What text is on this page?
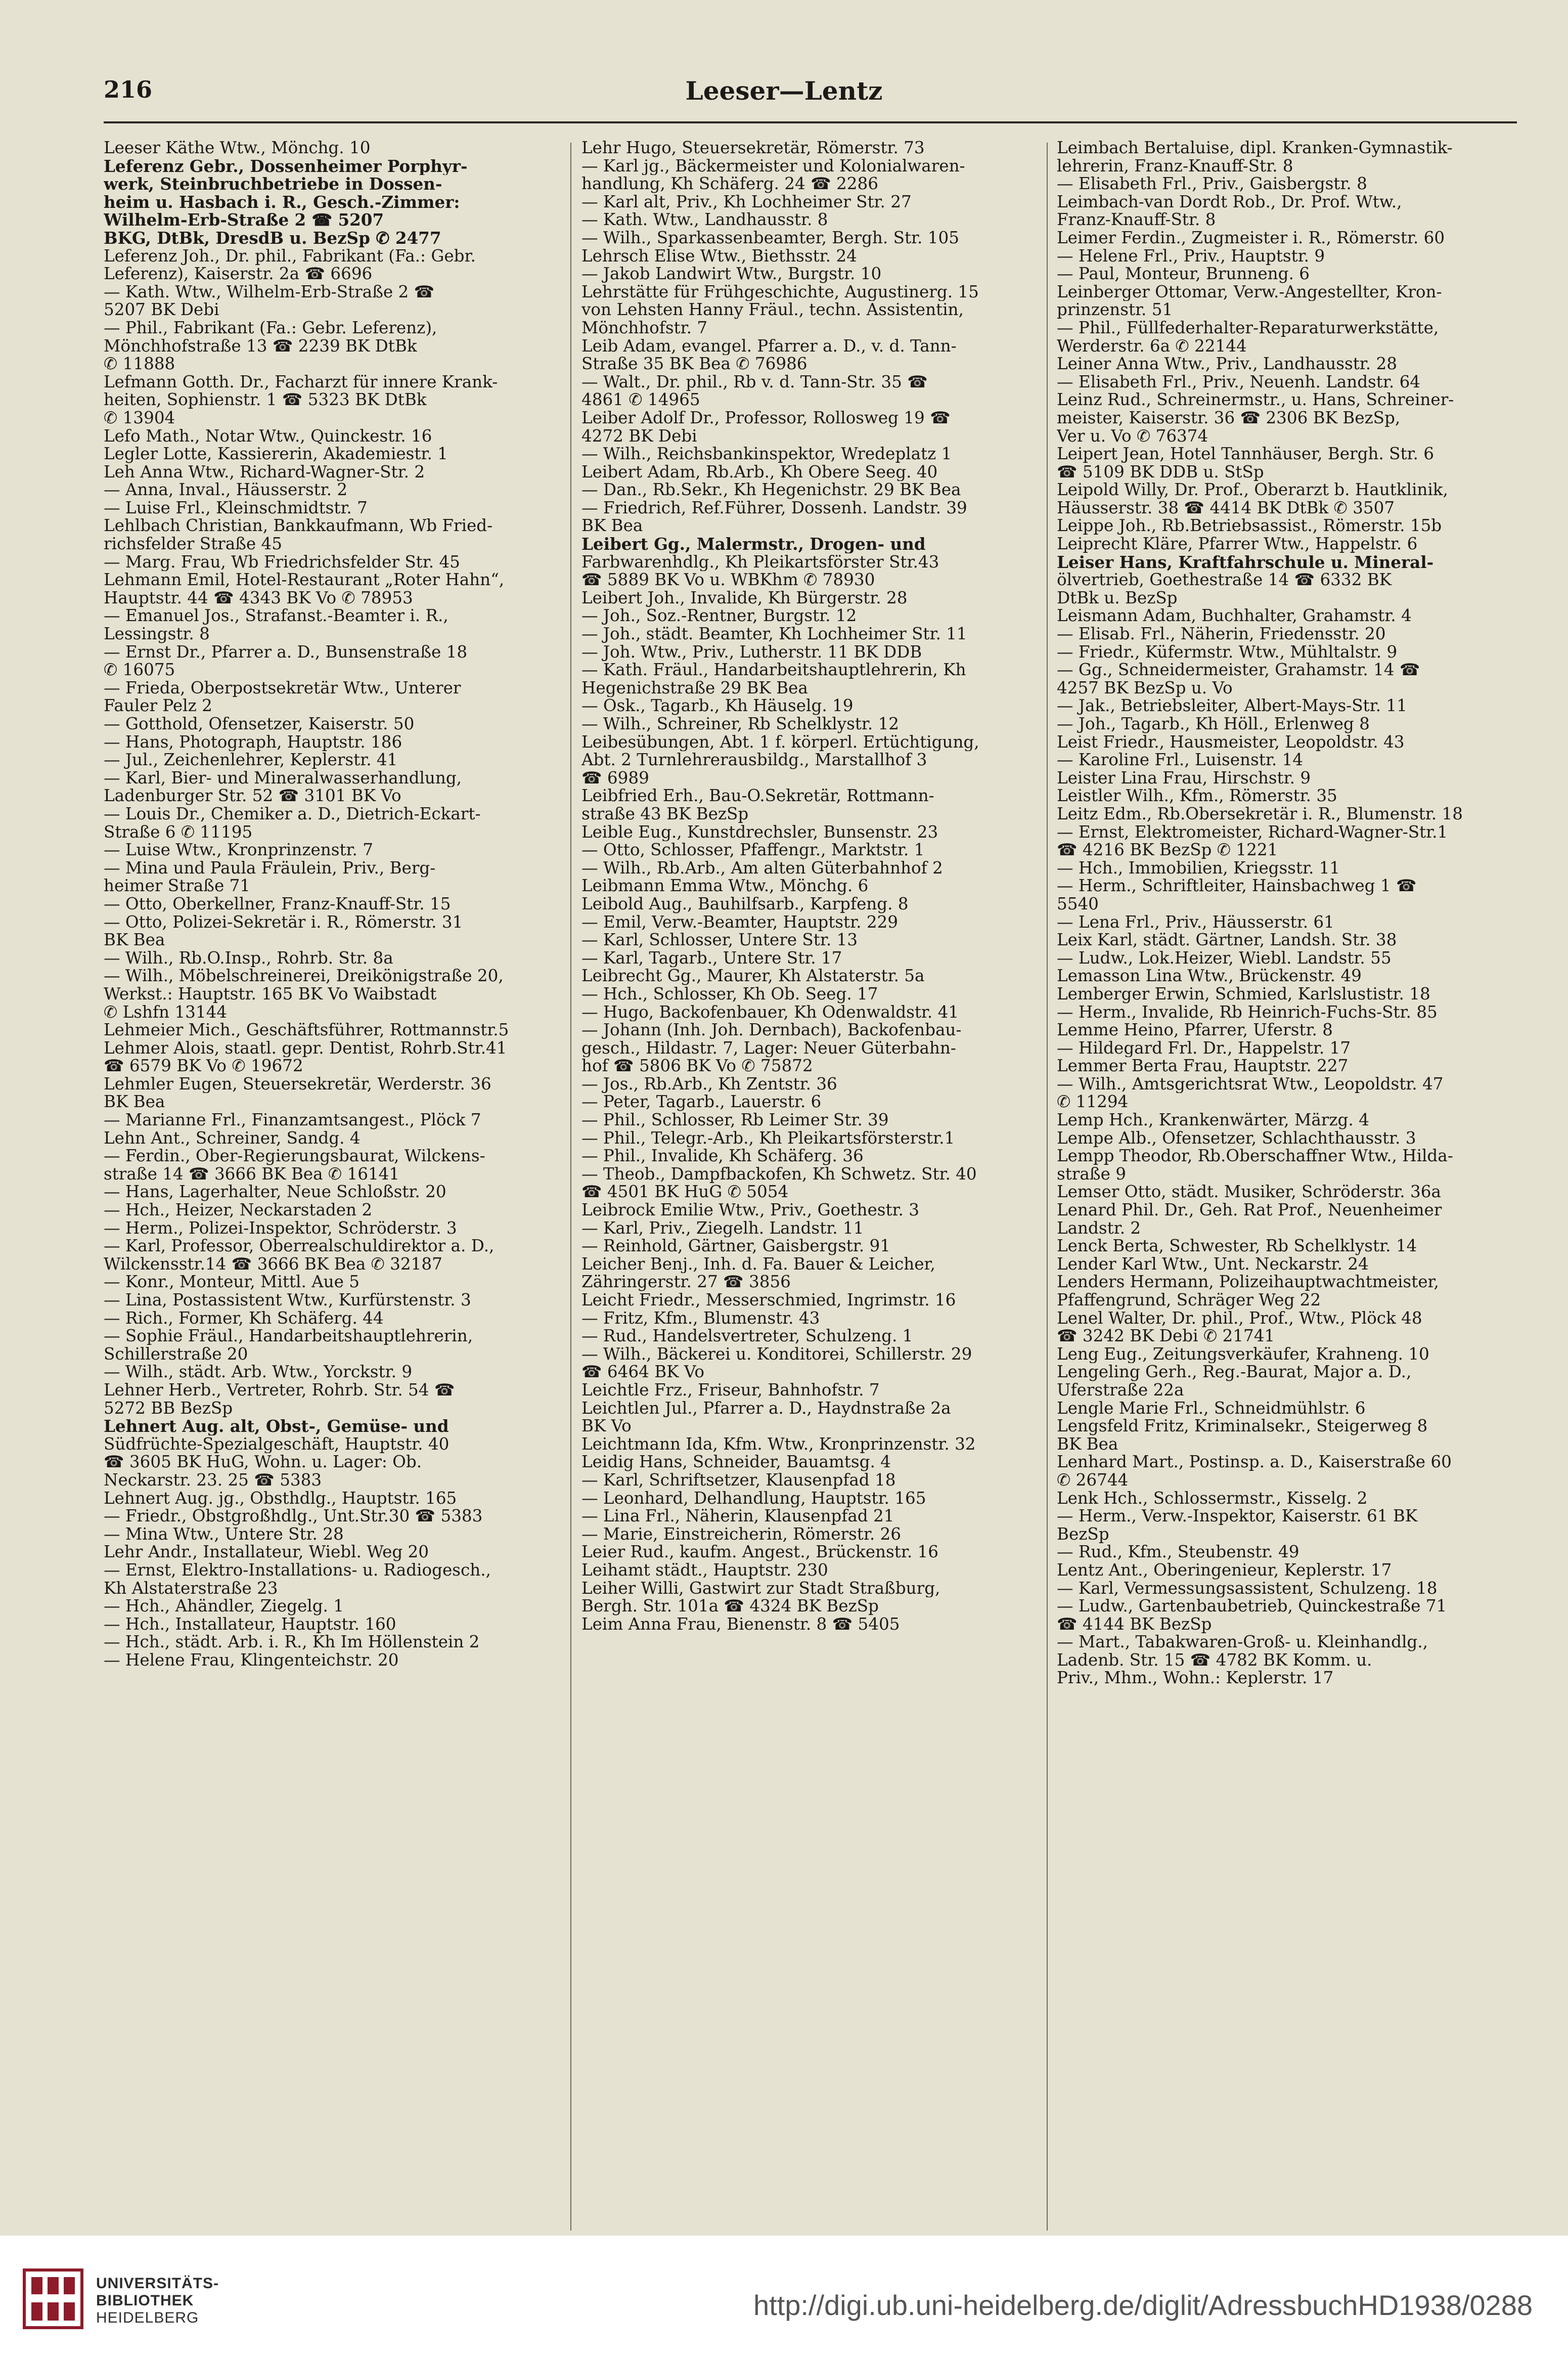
216	Leeser—Lentz
Leeser Käthe Wtw., Mönchg. 10
Leferenz Gebr., Dossenheimer Porphyr-
werk, Steinbruchbetriebe in Dossen-
heim u. Hasbach i. R., Gesch.-Zimmer:
Wilhelm-Erb-Straße 2 ☎ 5207
BKG, DtBk, DresdB u. BezSp ✆ 2477
Leferenz Joh., Dr. phil., Fabrikant (Fa.: Gebr.
Leferenz), Kaiserstr. 2a ☎ 6696
— Kath. Wtw., Wilhelm-Erb-Straße 2 ☎
5207 BK Debi
— Phil., Fabrikant (Fa.: Gebr. Leferenz),
Mönchhofstraße 13 ☎ 2239 BK DtBk
✆ 11888
Lefmann Gotth. Dr., Facharzt für innere Krank-
heiten, Sophienstr. 1 ☎ 5323 BK DtBk
✆ 13904
Lefo Math., Notar Wtw., Quinckestr. 16
Legler Lotte, Kassiererin, Akademiestr. 1
Leh Anna Wtw., Richard-Wagner-Str. 2
— Anna, Inval., Häusserstr. 2
— Luise Frl., Kleinschmidtstr. 7
Lehlbach Christian, Bankkaufmann, Wb Fried-
richsfelder Straße 45
— Marg. Frau, Wb Friedrichsfelder Str. 45
Lehmann Emil, Hotel-Restaurant „Roter Hahn“,
Hauptstr. 44 ☎ 4343 BK Vo ✆ 78953
— Emanuel Jos., Strafanst.-Beamter i. R.,
Lessingstr. 8
— Ernst Dr., Pfarrer a. D., Bunsenstraße 18
✆ 16075
— Frieda, Oberpostsekretär Wtw., Unterer
Fauler Pelz 2
— Gotthold, Ofensetzer, Kaiserstr. 50
— Hans, Photograph, Hauptstr. 186
— Jul., Zeichenlehrer, Keplerstr. 41
— Karl, Bier- und Mineralwasserhandlung,
Ladenburger Str. 52 ☎ 3101 BK Vo
— Louis Dr., Chemiker a. D., Dietrich-Eckart-
Straße 6 ✆ 11195
— Luise Wtw., Kronprinzenstr. 7
— Mina und Paula Fräulein, Priv., Berg-
heimer Straße 71
— Otto, Oberkellner, Franz-Knauff-Str. 15
— Otto, Polizei-Sekretär i. R., Römerstr. 31
BK Bea
— Wilh., Rb.O.Insp., Rohrb. Str. 8a
— Wilh., Möbelschreinerei, Dreikönigstraße 20,
Werkst.: Hauptstr. 165 BK Vo Waibstadt
✆ Lshfn 13144
Lehmeier Mich., Geschäftsführer, Rottmannstr.5
Lehmer Alois, staatl. gepr. Dentist, Rohrb.Str.41
☎ 6579 BK Vo ✆ 19672
Lehmler Eugen, Steuersekretär, Werderstr. 36
BK Bea
— Marianne Frl., Finanzamtsangest., Plöck 7
Lehn Ant., Schreiner, Sandg. 4
— Ferdin., Ober-Regierungsbaurat, Wilckens-
straße 14 ☎ 3666 BK Bea ✆ 16141
— Hans, Lagerhalter, Neue Schloßstr. 20
— Hch., Heizer, Neckarstaden 2
— Herm., Polizei-Inspektor, Schröderstr. 3
— Karl, Professor, Oberrealschuldirektor a. D.,
Wilckensstr.14 ☎ 3666 BK Bea ✆ 32187
— Konr., Monteur, Mittl. Aue 5
— Lina, Postassistent Wtw., Kurfürstenstr. 3
— Rich., Former, Kh Schäferg. 44
— Sophie Fräul., Handarbeitshauptlehrerin,
Schillerstraße 20
— Wilh., städt. Arb. Wtw., Yorckstr. 9
Lehner Herb., Vertreter, Rohrb. Str. 54 ☎
5272 BB BezSp
Lehnert Aug. alt, Obst-, Gemüse- und
Südfrüchte-Spezialgeschäft, Hauptstr. 40
☎ 3605 BK HuG, Wohn. u. Lager: Ob.
Neckarstr. 23. 25 ☎ 5383
Lehnert Aug. jg., Obsthdlg., Hauptstr. 165
— Friedr., Obstgroßhdlg., Unt.Str.30 ☎ 5383
— Mina Wtw., Untere Str. 28
Lehr Andr., Installateur, Wiebl. Weg 20
— Ernst, Elektro-Installations- u. Radiogesch.,
Kh Alstaterstraße 23
— Hch., Ahändler, Ziegelg. 1
— Hch., Installateur, Hauptstr. 160
— Hch., städt. Arb. i. R., Kh Im Höllenstein 2
— Helene Frau, Klingenteichstr. 20
Lehr Hugo, Steuersekretär, Römerstr. 73
— Karl jg., Bäckermeister und Kolonialwaren-
handlung, Kh Schäferg. 24 ☎ 2286
— Karl alt, Priv., Kh Lochheimer Str. 27
— Kath. Wtw., Landhausstr. 8
— Wilh., Sparkassenbeamter, Bergh. Str. 105
Lehrsch Elise Wtw., Biethsstr. 24
— Jakob Landwirt Wtw., Burgstr. 10
Lehrstätte für Frühgeschichte, Augustinerg. 15
von Lehsten Hanny Fräul., techn. Assistentin,
Mönchhofstr. 7
Leib Adam, evangel. Pfarrer a. D., v. d. Tann-
Straße 35 BK Bea ✆ 76986
— Walt., Dr. phil., Rb v. d. Tann-Str. 35 ☎
4861 ✆ 14965
Leiber Adolf Dr., Professor, Rollosweg 19 ☎
4272 BK Debi
— Wilh., Reichsbankinspektor, Wredeplatz 1
Leibert Adam, Rb.Arb., Kh Obere Seeg. 40
— Dan., Rb.Sekr., Kh Hegenichstr. 29 BK Bea
— Friedrich, Ref.Führer, Dossenh. Landstr. 39
BK Bea
Leibert Gg., Malermstr., Drogen- und
Farbwarenhdlg., Kh Pleikartsförster Str.43
☎ 5889 BK Vo u. WBKhm ✆ 78930
Leibert Joh., Invalide, Kh Bürgerstr. 28
— Joh., Soz.-Rentner, Burgstr. 12
— Joh., städt. Beamter, Kh Lochheimer Str. 11
— Joh. Wtw., Priv., Lutherstr. 11 BK DDB
— Kath. Fräul., Handarbeitshauptlehrerin, Kh
Hegenichstraße 29 BK Bea
— Osk., Tagarb., Kh Häuselg. 19
— Wilh., Schreiner, Rb Schelklystr. 12
Leibesübungen, Abt. 1 f. körperl. Ertüchtigung,
Abt. 2 Turnlehrerausbildg., Marstallhof 3
☎ 6989
Leibfried Erh., Bau-O.Sekretär, Rottmann-
straße 43 BK BezSp
Leible Eug., Kunstdrechsler, Bunsenstr. 23
— Otto, Schlosser, Pfaffengr., Marktstr. 1
— Wilh., Rb.Arb., Am alten Güterbahnhof 2
Leibmann Emma Wtw., Mönchg. 6
Leibold Aug., Bauhilfsarb., Karpfeng. 8
— Emil, Verw.-Beamter, Hauptstr. 229
— Karl, Schlosser, Untere Str. 13
— Karl, Tagarb., Untere Str. 17
Leibrecht Gg., Maurer, Kh Alstaterstr. 5a
— Hch., Schlosser, Kh Ob. Seeg. 17
— Hugo, Backofenbauer, Kh Odenwaldstr. 41
— Johann (Inh. Joh. Dernbach), Backofenbau-
gesch., Hildastr. 7, Lager: Neuer Güterbahn-
hof ☎ 5806 BK Vo ✆ 75872
— Jos., Rb.Arb., Kh Zentstr. 36
— Peter, Tagarb., Lauerstr. 6
— Phil., Schlosser, Rb Leimer Str. 39
— Phil., Telegr.-Arb., Kh Pleikartsförsterstr.1
— Phil., Invalide, Kh Schäferg. 36
— Theob., Dampfbackofen, Kh Schwetz. Str. 40
☎ 4501 BK HuG ✆ 5054
Leibrock Emilie Wtw., Priv., Goethestr. 3
— Karl, Priv., Ziegelh. Landstr. 11
— Reinhold, Gärtner, Gaisbergstr. 91
Leicher Benj., Inh. d. Fa. Bauer & Leicher,
Zähringerstr. 27 ☎ 3856
Leicht Friedr., Messerschmied, Ingrimstr. 16
— Fritz, Kfm., Blumenstr. 43
— Rud., Handelsvertreter, Schulzeng. 1
— Wilh., Bäckerei u. Konditorei, Schillerstr. 29
☎ 6464 BK Vo
Leichtle Frz., Friseur, Bahnhofstr. 7
Leichtlen Jul., Pfarrer a. D., Haydnstraße 2a
BK Vo
Leichtmann Ida, Kfm. Wtw., Kronprinzenstr. 32
Leidig Hans, Schneider, Bauamtsg. 4
— Karl, Schriftsetzer, Klausenpfad 18
— Leonhard, Delhandlung, Hauptstr. 165
— Lina Frl., Näherin, Klausenpfad 21
— Marie, Einstreicherin, Römerstr. 26
Leier Rud., kaufm. Angest., Brückenstr. 16
Leihamt städt., Hauptstr. 230
Leiher Willi, Gastwirt zur Stadt Straßburg,
Bergh. Str. 101a ☎ 4324 BK BezSp
Leim Anna Frau, Bienenstr. 8 ☎ 5405
Leimbach Bertaluise, dipl. Kranken-Gymnastik-
lehrerin, Franz-Knauff-Str. 8
— Elisabeth Frl., Priv., Gaisbergstr. 8
Leimbach-van Dordt Rob., Dr. Prof. Wtw.,
Franz-Knauff-Str. 8
Leimer Ferdin., Zugmeister i. R., Römerstr. 60
— Helene Frl., Priv., Hauptstr. 9
— Paul, Monteur, Brunneng. 6
Leinberger Ottomar, Verw.-Angestellter, Kron-
prinzenstr. 51
— Phil., Füllfederhalter-Reparaturwerkstätte,
Werderstr. 6a ✆ 22144
Leiner Anna Wtw., Priv., Landhausstr. 28
— Elisabeth Frl., Priv., Neuenh. Landstr. 64
Leinz Rud., Schreinermstr., u. Hans, Schreiner-
meister, Kaiserstr. 36 ☎ 2306 BK BezSp,
Ver u. Vo ✆ 76374
Leipert Jean, Hotel Tannhäuser, Bergh. Str. 6
☎ 5109 BK DDB u. StSp
Leipold Willy, Dr. Prof., Oberarzt b. Hautklinik,
Häusserstr. 38 ☎ 4414 BK DtBk ✆ 3507
Leippe Joh., Rb.Betriebsassist., Römerstr. 15b
Leiprecht Kläre, Pfarrer Wtw., Happelstr. 6
Leiser Hans, Kraftfahrschule u. Mineral-
ölvertrieb, Goethestraße 14 ☎ 6332 BK
DtBk u. BezSp
Leismann Adam, Buchhalter, Grahamstr. 4
— Elisab. Frl., Näherin, Friedensstr. 20
— Friedr., Küfermstr. Wtw., Mühltalstr. 9
— Gg., Schneidermeister, Grahamstr. 14 ☎
4257 BK BezSp u. Vo
— Jak., Betriebsleiter, Albert-Mays-Str. 11
— Joh., Tagarb., Kh Höll., Erlenweg 8
Leist Friedr., Hausmeister, Leopoldstr. 43
— Karoline Frl., Luisenstr. 14
Leister Lina Frau, Hirschstr. 9
Leistler Wilh., Kfm., Römerstr. 35
Leitz Edm., Rb.Obersekretär i. R., Blumenstr. 18
— Ernst, Elektromeister, Richard-Wagner-Str.1
☎ 4216 BK BezSp ✆ 1221
— Hch., Immobilien, Kriegsstr. 11
— Herm., Schriftleiter, Hainsbachweg 1 ☎
5540
— Lena Frl., Priv., Häusserstr. 61
Leix Karl, städt. Gärtner, Landsh. Str. 38
— Ludw., Lok.Heizer, Wiebl. Landstr. 55
Lemasson Lina Wtw., Brückenstr. 49
Lemberger Erwin, Schmied, Karlslustistr. 18
— Herm., Invalide, Rb Heinrich-Fuchs-Str. 85
Lemme Heino, Pfarrer, Uferstr. 8
— Hildegard Frl. Dr., Happelstr. 17
Lemmer Berta Frau, Hauptstr. 227
— Wilh., Amtsgerichtsrat Wtw., Leopoldstr. 47
✆ 11294
Lemp Hch., Krankenwärter, Märzg. 4
Lempe Alb., Ofensetzer, Schlachthausstr. 3
Lempp Theodor, Rb.Oberschaffner Wtw., Hilda-
straße 9
Lemser Otto, städt. Musiker, Schröderstr. 36a
Lenard Phil. Dr., Geh. Rat Prof., Neuenheimer
Landstr. 2
Lenck Berta, Schwester, Rb Schelklystr. 14
Lender Karl Wtw., Unt. Neckarstr. 24
Lenders Hermann, Polizeihauptwachtmeister,
Pfaffengrund, Schräger Weg 22
Lenel Walter, Dr. phil., Prof., Wtw., Plöck 48
☎ 3242 BK Debi ✆ 21741
Leng Eug., Zeitungsverkäufer, Krahneng. 10
Lengeling Gerh., Reg.-Baurat, Major a. D.,
Uferstraße 22a
Lengle Marie Frl., Schneidmühlstr. 6
Lengsfeld Fritz, Kriminalsekr., Steigerweg 8
BK Bea
Lenhard Mart., Postinsp. a. D., Kaiserstraße 60
✆ 26744
Lenk Hch., Schlossermstr., Kisselg. 2
— Herm., Verw.-Inspektor, Kaiserstr. 61 BK
BezSp
— Rud., Kfm., Steubenstr. 49
Lentz Ant., Oberingenieur, Keplerstr. 17
— Karl, Vermessungsassistent, Schulzeng. 18
— Ludw., Gartenbaubetrieb, Quinckestraße 71
☎ 4144 BK BezSp
— Mart., Tabakwaren-Groß- u. Kleinhandlg.,
Ladenb. Str. 15 ☎ 4782 BK Komm. u.
Priv., Mhm., Wohn.: Keplerstr. 17
UNIVERSITÄTS-
BIBLIOTHEK
HEIDELBERG	http://digi.ub.uni-heidelberg.de/diglit/AdressbuchHD1938/0288
